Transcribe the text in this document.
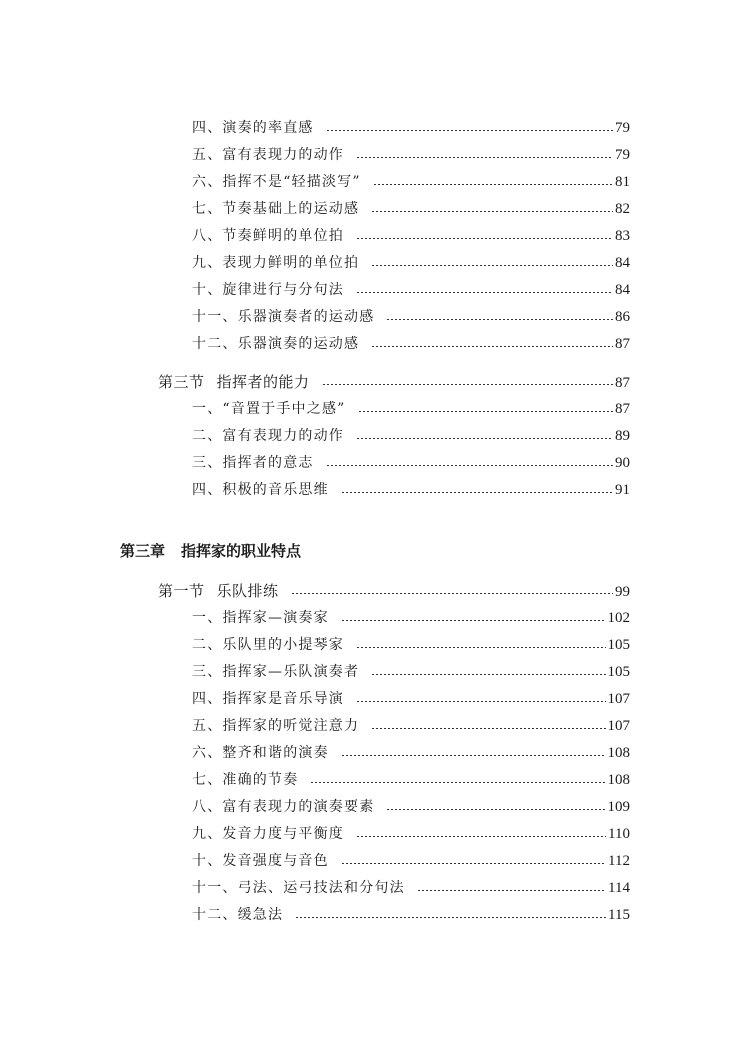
四、演奏的率直感	79
五、富有表现力的动作	79
六、指挥不是“轻描淡写”	81
七、节奏基础上的运动感	82
八、节奏鲜明的单位拍	83
九、表现力鲜明的单位拍	84
十、旋律进行与分句法	84
十一、乐器演奏者的运动感	86
十二、乐器演奏的运动感	87
第三节 指挥者的能力	87
一、“音置于手中之感”	87
二、富有表现力的动作	89
三、指挥者的意志	90
四、积极的音乐思维	91
第三章 指挥家的职业特点
第一节 乐队排练	99
一、指挥家—演奏家	102
二、乐队里的小提琴家	105
三、指挥家—乐队演奏者	105
四、指挥家是音乐导演	107
五、指挥家的听觉注意力	107
六、整齐和谐的演奏	108
七、准确的节奏	108
八、富有表现力的演奏要素	109
九、发音力度与平衡度	110
十、发音强度与音色	112
十一、弓法、运弓技法和分句法	114
十二、缓急法	115
